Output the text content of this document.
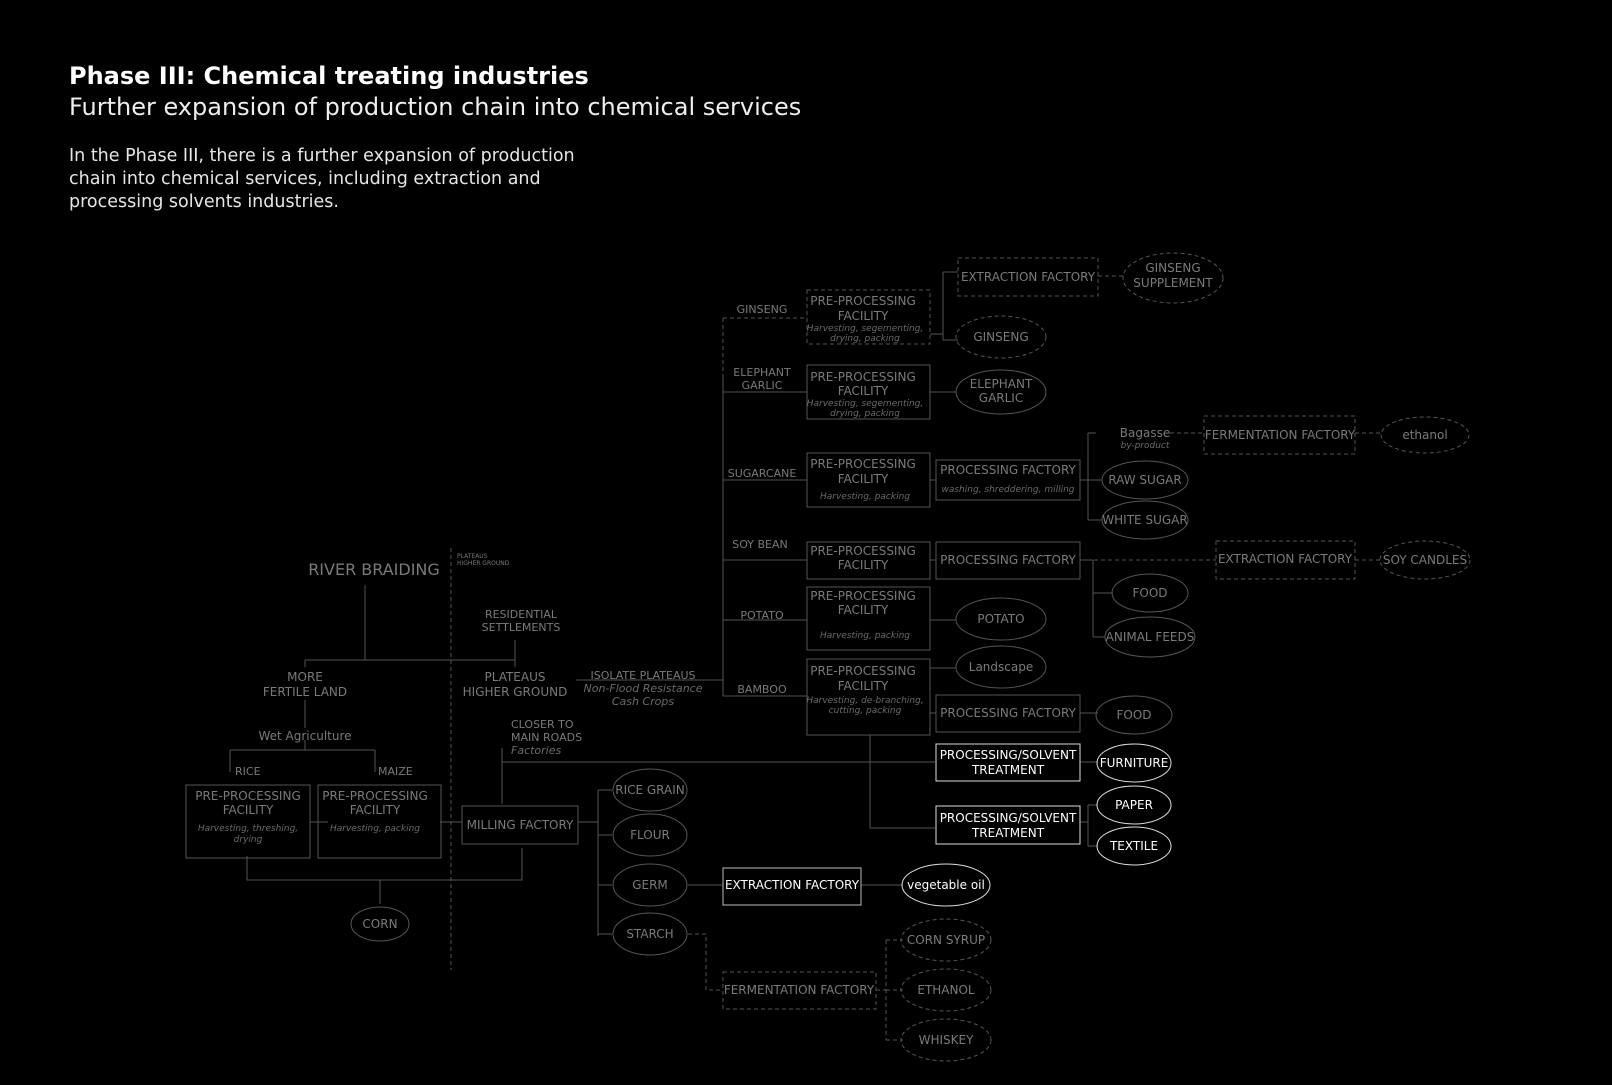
Phase III: Chemical treating industries
Further expansion of production chain into chemical services

In the Phase III, there is a further expansion of production chain into chemical services, including extraction and processing solvents industries.

RIVER BRAIDING
PLATEAUS
HIGHER GROUND
RESIDENTIAL
SETTLEMENTS
MORE
FERTILE LAND
PLATEAUS
HIGHER GROUND
Wet Agriculture
RICE	MAIZE
PRE-PROCESSING
FACILITY
Harvesting, threshing,
drying
PRE-PROCESSING
FACILITY
Harvesting, packing	MILLING FACTORY
CLOSER TO
MAIN ROADS
Factories
CORN
ISOLATE PLATEAUS
Non-Flood Resistance
Cash Crops
RICE GRAIN
FLOUR
GERM
STARCH
EXTRACTION FACTORY	vegetable oil
FERMENTATION FACTORY
CORN SYRUP
ETHANOL
WHISKEY
GINSENG
ELEPHANT
GARLIC
SUGARCANE
SOY BEAN
POTATO
BAMBOO
PRE-PROCESSING
FACILITY
Harvesting, segementing,
drying, packing
PRE-PROCESSING
FACILITY
Harvesting, segementing,
drying, packing
PRE-PROCESSING
FACILITY
Harvesting, packing
PRE-PROCESSING
FACILITY
PRE-PROCESSING
FACILITY
Harvesting, packing
PRE-PROCESSING
FACILITY
Harvesting, de-branching,
cutting, packing
EXTRACTION FACTORY
GINSENG
SUPPLEMENT
GINSENG
ELEPHANT
GARLIC
PROCESSING FACTORY
washing, shreddering, milling
Bagasse
by-product
FERMENTATION FACTORY	ethanol
RAW SUGAR
WHITE SUGAR
PROCESSING FACTORY	EXTRACTION FACTORY	SOY CANDLES
FOOD
ANIMAL FEEDS
POTATO
Landscape
PROCESSING FACTORY	FOOD
PROCESSING/SOLVENT
TREATMENT	FURNITURE
PROCESSING/SOLVENT
TREATMENT
PAPER
TEXTILE
